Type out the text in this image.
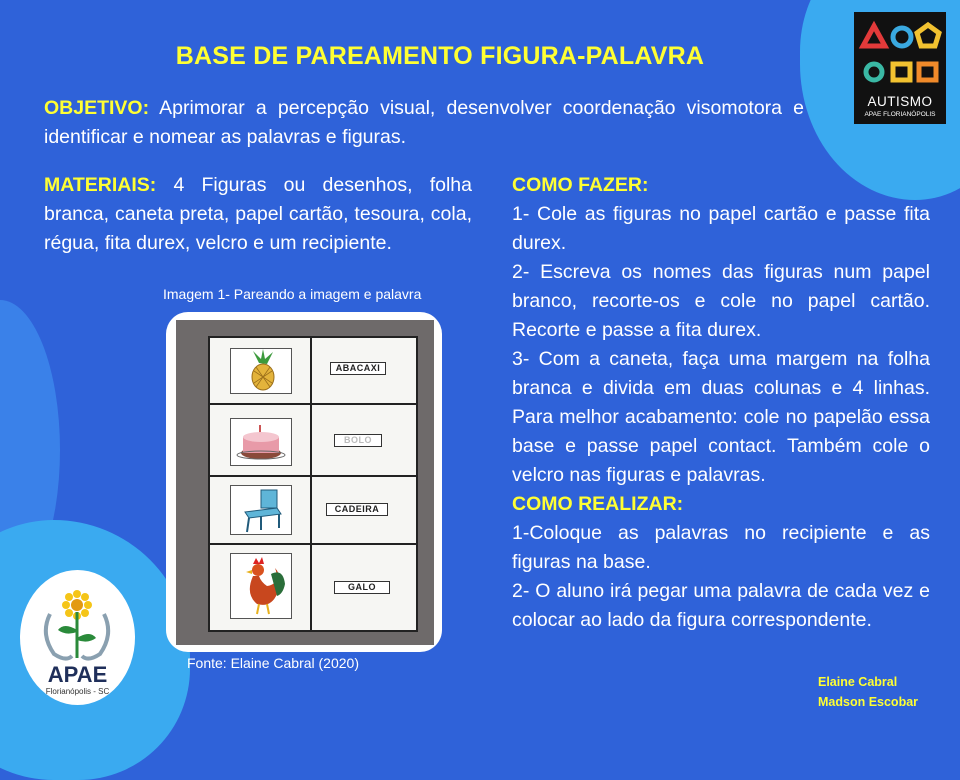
BASE DE PAREAMENTO FIGURA-PALAVRA
OBJETIVO: Aprimorar a percepção visual, desenvolver coordenação visomotora e identificar e nomear as palavras e figuras.
MATERIAIS: 4 Figuras ou desenhos, folha branca, caneta preta, papel cartão, tesoura, cola, régua, fita durex, velcro e um recipiente.
Imagem 1- Pareando a imagem e palavra
ABACAXI
BOLO
CADEIRA
GALO
Fonte: Elaine Cabral (2020)
COMO FAZER:
1- Cole as figuras no papel cartão e passe fita durex.
2- Escreva os nomes das figuras num papel branco, recorte-os e cole no papel cartão. Recorte e passe a fita durex.
3- Com a caneta, faça uma margem na folha branca e divida em duas colunas e 4 linhas. Para melhor acabamento: cole no papelão essa base e passe papel contact. Também cole o velcro nas figuras e palavras.
COMO REALIZAR:
1-Coloque as palavras no recipiente e as figuras na base.
2- O aluno irá pegar uma palavra de cada vez e colocar ao lado da figura correspondente.
Elaine Cabral
Madson Escobar
AUTISMO
APAE FLORIANÓPOLIS
APAE
Florianópolis - SC
